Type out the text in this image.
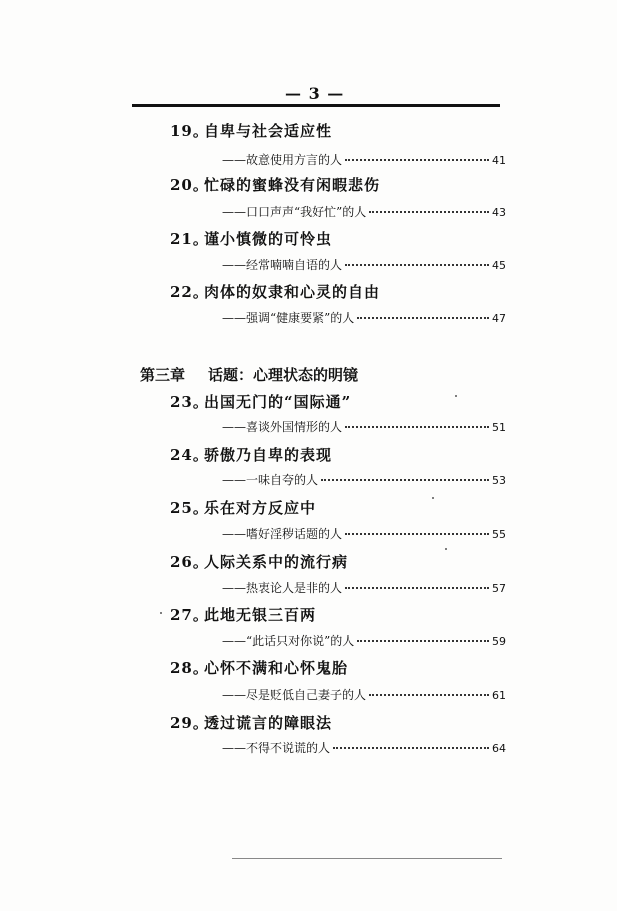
— 3 —
19。自卑与社会适应性
——故意使用方言的人	41
20。忙碌的蜜蜂没有闲暇悲伤
——口口声声“我好忙”的人	43
21。谨小慎微的可怜虫
——经常喃喃自语的人	45
22。肉体的奴隶和心灵的自由
——强调“健康要紧”的人	47
第三章 话题：心理状态的明镜
23。出国无门的“国际通”
——喜谈外国情形的人	51
24。骄傲乃自卑的表现
——一味自夸的人	53
25。乐在对方反应中
——嗜好淫秽话题的人	55
26。人际关系中的流行病
——热衷论人是非的人	57
27。此地无银三百两
——“此话只对你说”的人	59
28。心怀不满和心怀鬼胎
——尽是贬低自己妻子的人	61
29。透过谎言的障眼法
——不得不说谎的人	64
